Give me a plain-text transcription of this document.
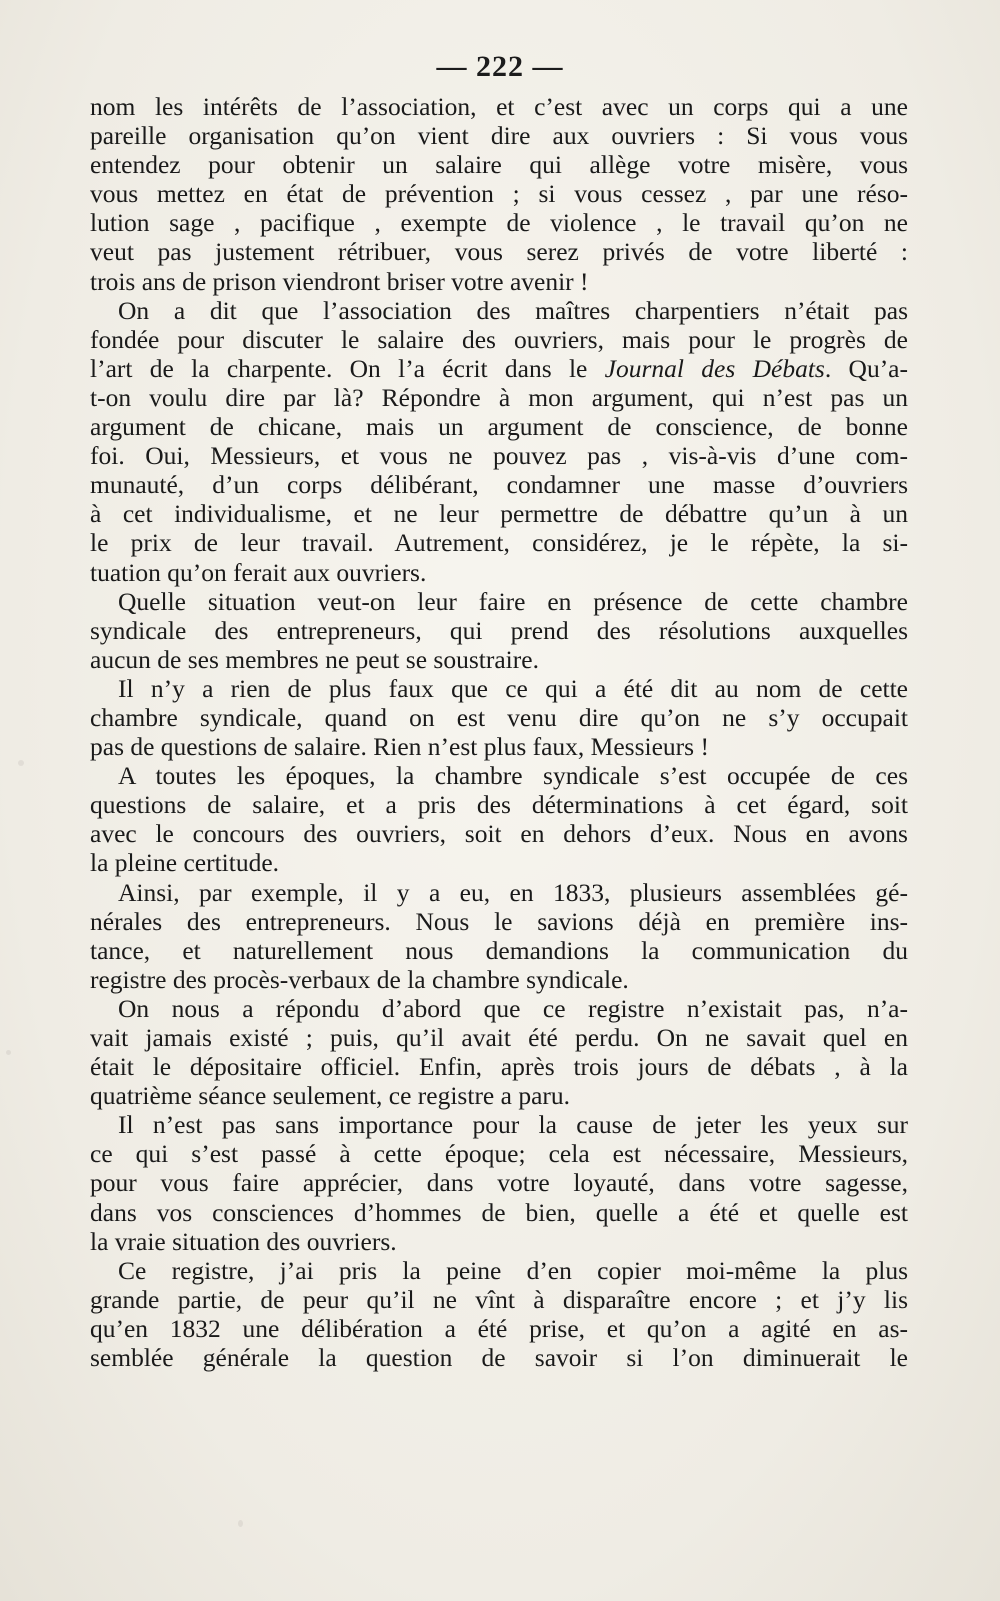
— 222 —
nom les intérêts de l’association, et c’est avec un corps qui a une
pareille organisation qu’on vient dire aux ouvriers : Si vous vous
entendez pour obtenir un salaire qui allège votre misère, vous
vous mettez en état de prévention ; si vous cessez , par une réso-
lution sage , pacifique , exempte de violence , le travail qu’on ne
veut pas justement rétribuer, vous serez privés de votre liberté :
trois ans de prison viendront briser votre avenir !
On a dit que l’association des maîtres charpentiers n’était pas
fondée pour discuter le salaire des ouvriers, mais pour le progrès de
l’art de la charpente. On l’a écrit dans le Journal des Débats. Qu’a-
t-on voulu dire par là? Répondre à mon argument, qui n’est pas un
argument de chicane, mais un argument de conscience, de bonne
foi. Oui, Messieurs, et vous ne pouvez pas , vis-à-vis d’une com-
munauté, d’un corps délibérant, condamner une masse d’ouvriers
à cet individualisme, et ne leur permettre de débattre qu’un à un
le prix de leur travail. Autrement, considérez, je le répète, la si-
tuation qu’on ferait aux ouvriers.
Quelle situation veut-on leur faire en présence de cette chambre
syndicale des entrepreneurs, qui prend des résolutions auxquelles
aucun de ses membres ne peut se soustraire.
Il n’y a rien de plus faux que ce qui a été dit au nom de cette
chambre syndicale, quand on est venu dire qu’on ne s’y occupait
pas de questions de salaire. Rien n’est plus faux, Messieurs !
A toutes les époques, la chambre syndicale s’est occupée de ces
questions de salaire, et a pris des déterminations à cet égard, soit
avec le concours des ouvriers, soit en dehors d’eux. Nous en avons
la pleine certitude.
Ainsi, par exemple, il y a eu, en 1833, plusieurs assemblées gé-
nérales des entrepreneurs. Nous le savions déjà en première ins-
tance, et naturellement nous demandions la communication du
registre des procès-verbaux de la chambre syndicale.
On nous a répondu d’abord que ce registre n’existait pas, n’a-
vait jamais existé ; puis, qu’il avait été perdu. On ne savait quel en
était le dépositaire officiel. Enfin, après trois jours de débats , à la
quatrième séance seulement, ce registre a paru.
Il n’est pas sans importance pour la cause de jeter les yeux sur
ce qui s’est passé à cette époque; cela est nécessaire, Messieurs,
pour vous faire apprécier, dans votre loyauté, dans votre sagesse,
dans vos consciences d’hommes de bien, quelle a été et quelle est
la vraie situation des ouvriers.
Ce registre, j’ai pris la peine d’en copier moi-même la plus
grande partie, de peur qu’il ne vînt à disparaître encore ; et j’y lis
qu’en 1832 une délibération a été prise, et qu’on a agité en as-
semblée générale la question de savoir si l’on diminuerait le
